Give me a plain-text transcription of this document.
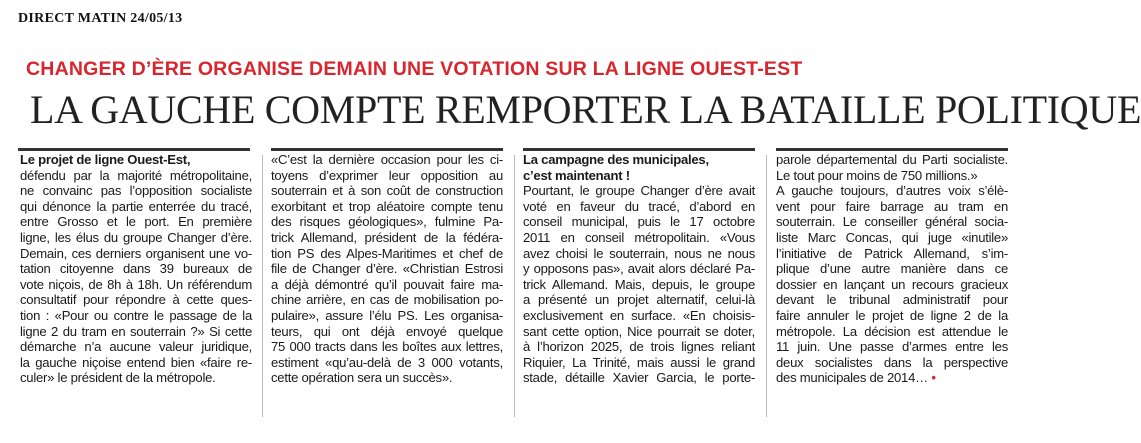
DIRECT MATIN 24/05/13
CHANGER D’ÈRE ORGANISE DEMAIN UNE VOTATION SUR LA LIGNE OUEST-EST
LA GAUCHE COMPTE REMPORTER LA BATAILLE POLITIQUE
Le projet de ligne Ouest-Est,
défendu par la majorité métropolitaine,
ne convainc pas l’opposition socialiste
qui dénonce la partie enterrée du tracé,
entre Grosso et le port. En première
ligne, les élus du groupe Changer d’ère.
Demain, ces derniers organisent une vo-
tation citoyenne dans 39 bureaux de
vote niçois, de 8h à 18h. Un référendum
consultatif pour répondre à cette ques-
tion : «Pour ou contre le passage de la
ligne 2 du tram en souterrain ?» Si cette
démarche n’a aucune valeur juridique,
la gauche niçoise entend bien «faire re-
culer» le président de la métropole.
«C’est la dernière occasion pour les ci-
toyens d’exprimer leur opposition au
souterrain et à son coût de construction
exorbitant et trop aléatoire compte tenu
des risques géologiques», fulmine Pa-
trick Allemand, président de la fédéra-
tion PS des Alpes-Maritimes et chef de
file de Changer d’ère. «Christian Estrosi
a déjà démontré qu’il pouvait faire ma-
chine arrière, en cas de mobilisation po-
pulaire», assure l’élu PS. Les organisa-
teurs, qui ont déjà envoyé quelque
75 000 tracts dans les boîtes aux lettres,
estiment «qu’au-delà de 3 000 votants,
cette opération sera un succès».
La campagne des municipales,
c’est maintenant !
Pourtant, le groupe Changer d’ère avait
voté en faveur du tracé, d’abord en
conseil municipal, puis le 17 octobre
2011 en conseil métropolitain. «Vous
avez choisi le souterrain, nous ne nous
y opposons pas», avait alors déclaré Pa-
trick Allemand. Mais, depuis, le groupe
a présenté un projet alternatif, celui-là
exclusivement en surface. «En choisis-
sant cette option, Nice pourrait se doter,
à l’horizon 2025, de trois lignes reliant
Riquier, La Trinité, mais aussi le grand
stade, détaille Xavier Garcia, le porte-
parole départemental du Parti socialiste.
Le tout pour moins de 750 millions.»
A gauche toujours, d’autres voix s’élè-
vent pour faire barrage au tram en
souterrain. Le conseiller général socia-
liste Marc Concas, qui juge «inutile»
l’initiative de Patrick Allemand, s’im-
plique d’une autre manière dans ce
dossier en lançant un recours gracieux
devant le tribunal administratif pour
faire annuler le projet de ligne 2 de la
métropole. La décision est attendue le
11 juin. Une passe d’armes entre les
deux socialistes dans la perspective
des municipales de 2014… •
